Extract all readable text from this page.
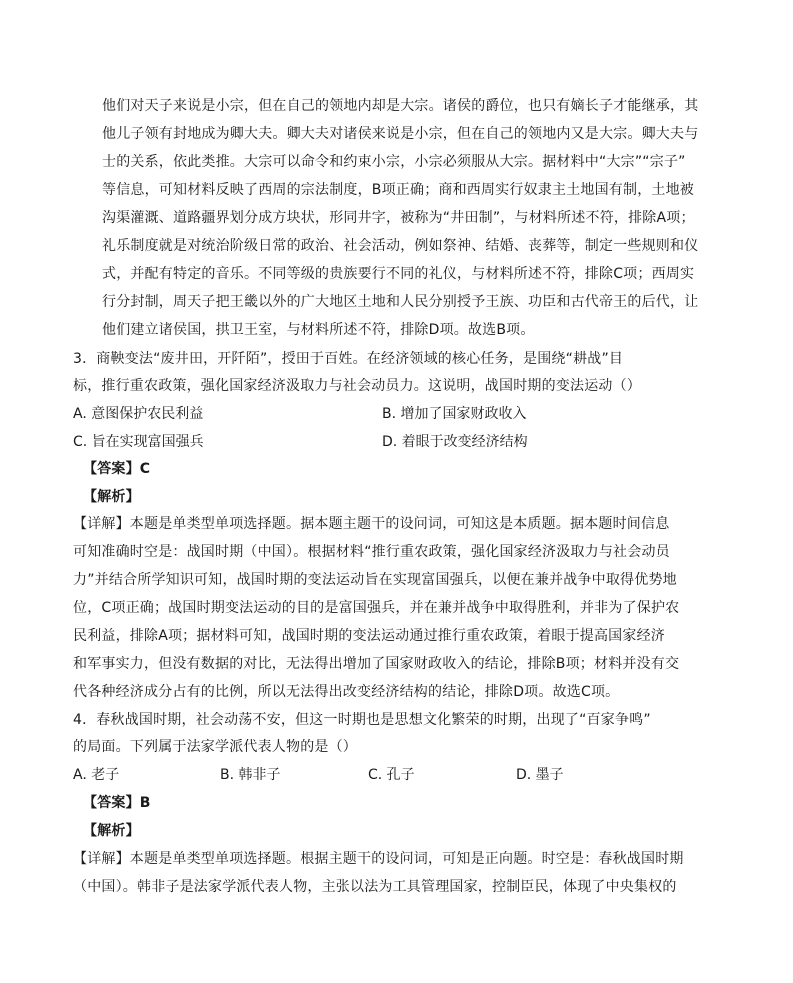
他们对天子来说是小宗，但在自己的领地内却是大宗。诸侯的爵位，也只有嫡长子才能继承，其
他儿子领有封地成为卿大夫。卿大夫对诸侯来说是小宗，但在自己的领地内又是大宗。卿大夫与
士的关系，依此类推。大宗可以命令和约束小宗，小宗必须服从大宗。据材料中“大宗”“宗子”
等信息，可知材料反映了西周的宗法制度，B项正确；商和西周实行奴隶主土地国有制，土地被
沟渠灌溉、道路疆界划分成方块状，形同井字，被称为“井田制”，与材料所述不符，排除A项；
礼乐制度就是对统治阶级日常的政治、社会活动，例如祭神、结婚、丧葬等，制定一些规则和仪
式，并配有特定的音乐。不同等级的贵族要行不同的礼仪，与材料所述不符，排除C项；西周实
行分封制，周天子把王畿以外的广大地区土地和人民分别授予王族、功臣和古代帝王的后代，让
他们建立诸侯国，拱卫王室，与材料所述不符，排除D项。故选B项。
3．商鞅变法“废井田，开阡陌”，授田于百姓。在经济领域的核心任务，是围绕“耕战”目
标，推行重农政策，强化国家经济汲取力与社会动员力。这说明，战国时期的变法运动（）
A. 意图保护农民利益	B. 增加了国家财政收入
C. 旨在实现富国强兵	D. 着眼于改变经济结构
【答案】C
【解析】
【详解】本题是单类型单项选择题。据本题主题干的设问词，可知这是本质题。据本题时间信息
可知准确时空是：战国时期（中国）。根据材料“推行重农政策，强化国家经济汲取力与社会动员
力”并结合所学知识可知，战国时期的变法运动旨在实现富国强兵，以便在兼并战争中取得优势地
位，C项正确；战国时期变法运动的目的是富国强兵，并在兼并战争中取得胜利，并非为了保护农
民利益，排除A项；据材料可知，战国时期的变法运动通过推行重农政策，着眼于提高国家经济
和军事实力，但没有数据的对比，无法得出增加了国家财政收入的结论，排除B项；材料并没有交
代各种经济成分占有的比例，所以无法得出改变经济结构的结论，排除D项。故选C项。
4．春秋战国时期，社会动荡不安，但这一时期也是思想文化繁荣的时期，出现了“百家争鸣”
的局面。下列属于法家学派代表人物的是（）
A. 老子	B. 韩非子	C. 孔子	D. 墨子
【答案】B
【解析】
【详解】本题是单类型单项选择题。根据主题干的设问词，可知是正向题。时空是：春秋战国时期
（中国）。韩非子是法家学派代表人物，主张以法为工具管理国家，控制臣民，体现了中央集权的
